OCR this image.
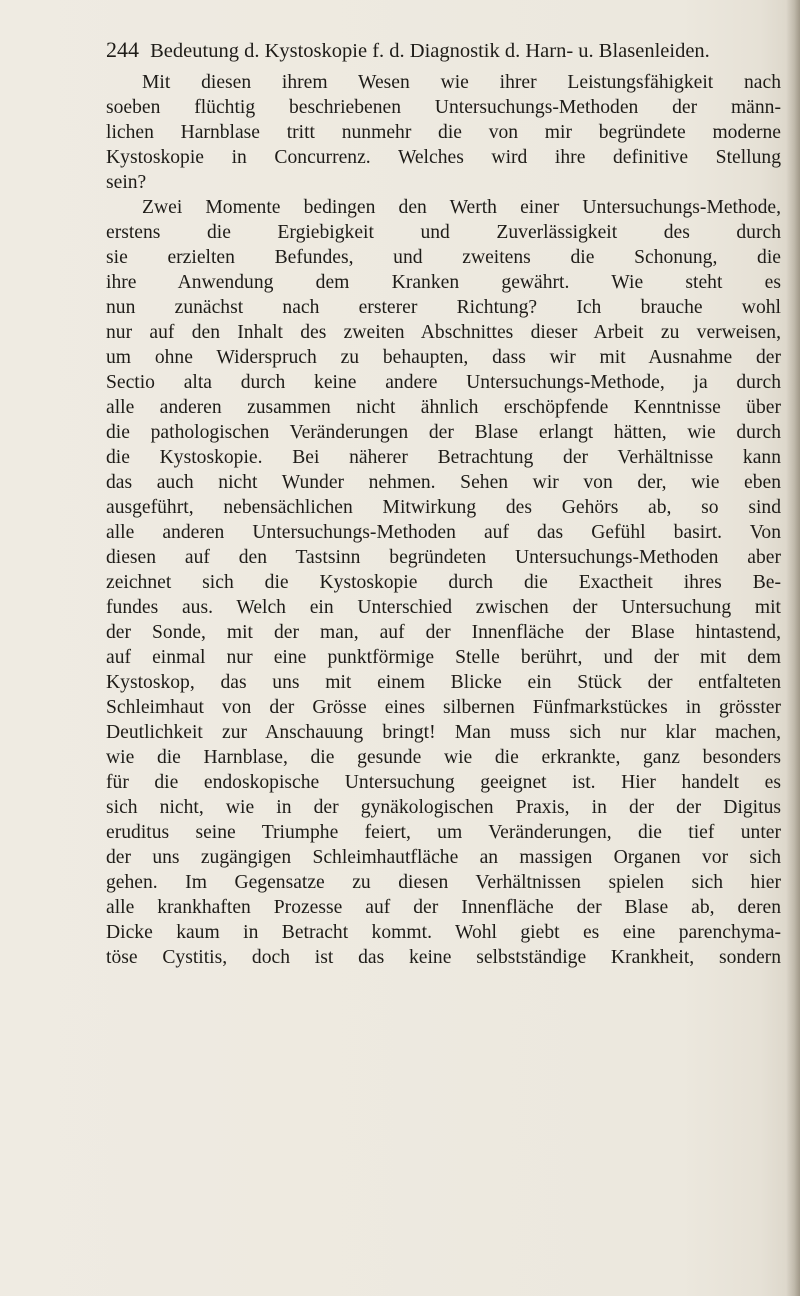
244 Bedeutung d. Kystoskopie f. d. Diagnostik d. Harn- u. Blasenleiden.
Mit diesen ihrem Wesen wie ihrer Leistungsfähigkeit nach
soeben flüchtig beschriebenen Untersuchungs-Methoden der männ-
lichen Harnblase tritt nunmehr die von mir begründete moderne
Kystoskopie in Concurrenz. Welches wird ihre definitive Stellung
sein?
Zwei Momente bedingen den Werth einer Untersuchungs-Methode,
erstens die Ergiebigkeit und Zuverlässigkeit des durch
sie erzielten Befundes, und zweitens die Schonung, die
ihre Anwendung dem Kranken gewährt. Wie steht es
nun zunächst nach ersterer Richtung? Ich brauche wohl
nur auf den Inhalt des zweiten Abschnittes dieser Arbeit zu verweisen,
um ohne Widerspruch zu behaupten, dass wir mit Ausnahme der
Sectio alta durch keine andere Untersuchungs-Methode, ja durch
alle anderen zusammen nicht ähnlich erschöpfende Kenntnisse über
die pathologischen Veränderungen der Blase erlangt hätten, wie durch
die Kystoskopie. Bei näherer Betrachtung der Verhältnisse kann
das auch nicht Wunder nehmen. Sehen wir von der, wie eben
ausgeführt, nebensächlichen Mitwirkung des Gehörs ab, so sind
alle anderen Untersuchungs-Methoden auf das Gefühl basirt. Von
diesen auf den Tastsinn begründeten Untersuchungs-Methoden aber
zeichnet sich die Kystoskopie durch die Exactheit ihres Be-
fundes aus. Welch ein Unterschied zwischen der Untersuchung mit
der Sonde, mit der man, auf der Innenfläche der Blase hintastend,
auf einmal nur eine punktförmige Stelle berührt, und der mit dem
Kystoskop, das uns mit einem Blicke ein Stück der entfalteten
Schleimhaut von der Grösse eines silbernen Fünfmarkstückes in grösster
Deutlichkeit zur Anschauung bringt! Man muss sich nur klar machen,
wie die Harnblase, die gesunde wie die erkrankte, ganz besonders
für die endoskopische Untersuchung geeignet ist. Hier handelt es
sich nicht, wie in der gynäkologischen Praxis, in der der Digitus
eruditus seine Triumphe feiert, um Veränderungen, die tief unter
der uns zugängigen Schleimhautfläche an massigen Organen vor sich
gehen. Im Gegensatze zu diesen Verhältnissen spielen sich hier
alle krankhaften Prozesse auf der Innenfläche der Blase ab, deren
Dicke kaum in Betracht kommt. Wohl giebt es eine parenchyma-
töse Cystitis, doch ist das keine selbstständige Krankheit, sondern
